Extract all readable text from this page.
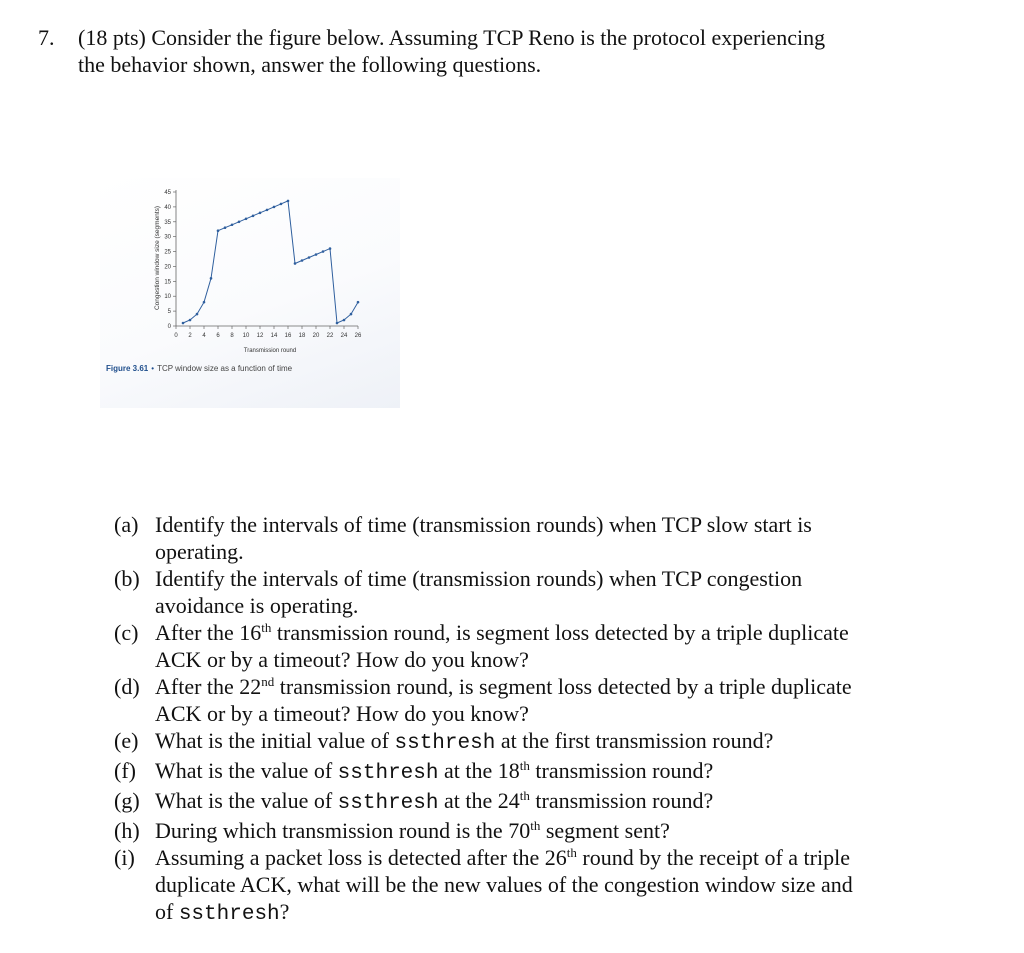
7. (18 pts) Consider the figure below. Assuming TCP Reno is the protocol experiencing
the behavior shown, answer the following questions.
0
5
10
15
20
25
30
35
40
45
0 2 4 6 8 10 12 14 16 18 20 22 24 26
Congestion window size (segments)
Transmission round
Figure 3.61 • TCP window size as a function of time
(a) Identify the intervals of time (transmission rounds) when TCP slow start is
operating.
(b) Identify the intervals of time (transmission rounds) when TCP congestion
avoidance is operating.
(c) After the 16th transmission round, is segment loss detected by a triple duplicate
ACK or by a timeout? How do you know?
(d) After the 22nd transmission round, is segment loss detected by a triple duplicate
ACK or by a timeout? How do you know?
(e) What is the initial value of ssthresh at the first transmission round?
(f) What is the value of ssthresh at the 18th transmission round?
(g) What is the value of ssthresh at the 24th transmission round?
(h) During which transmission round is the 70th segment sent?
(i) Assuming a packet loss is detected after the 26th round by the receipt of a triple
duplicate ACK, what will be the new values of the congestion window size and
of ssthresh?
